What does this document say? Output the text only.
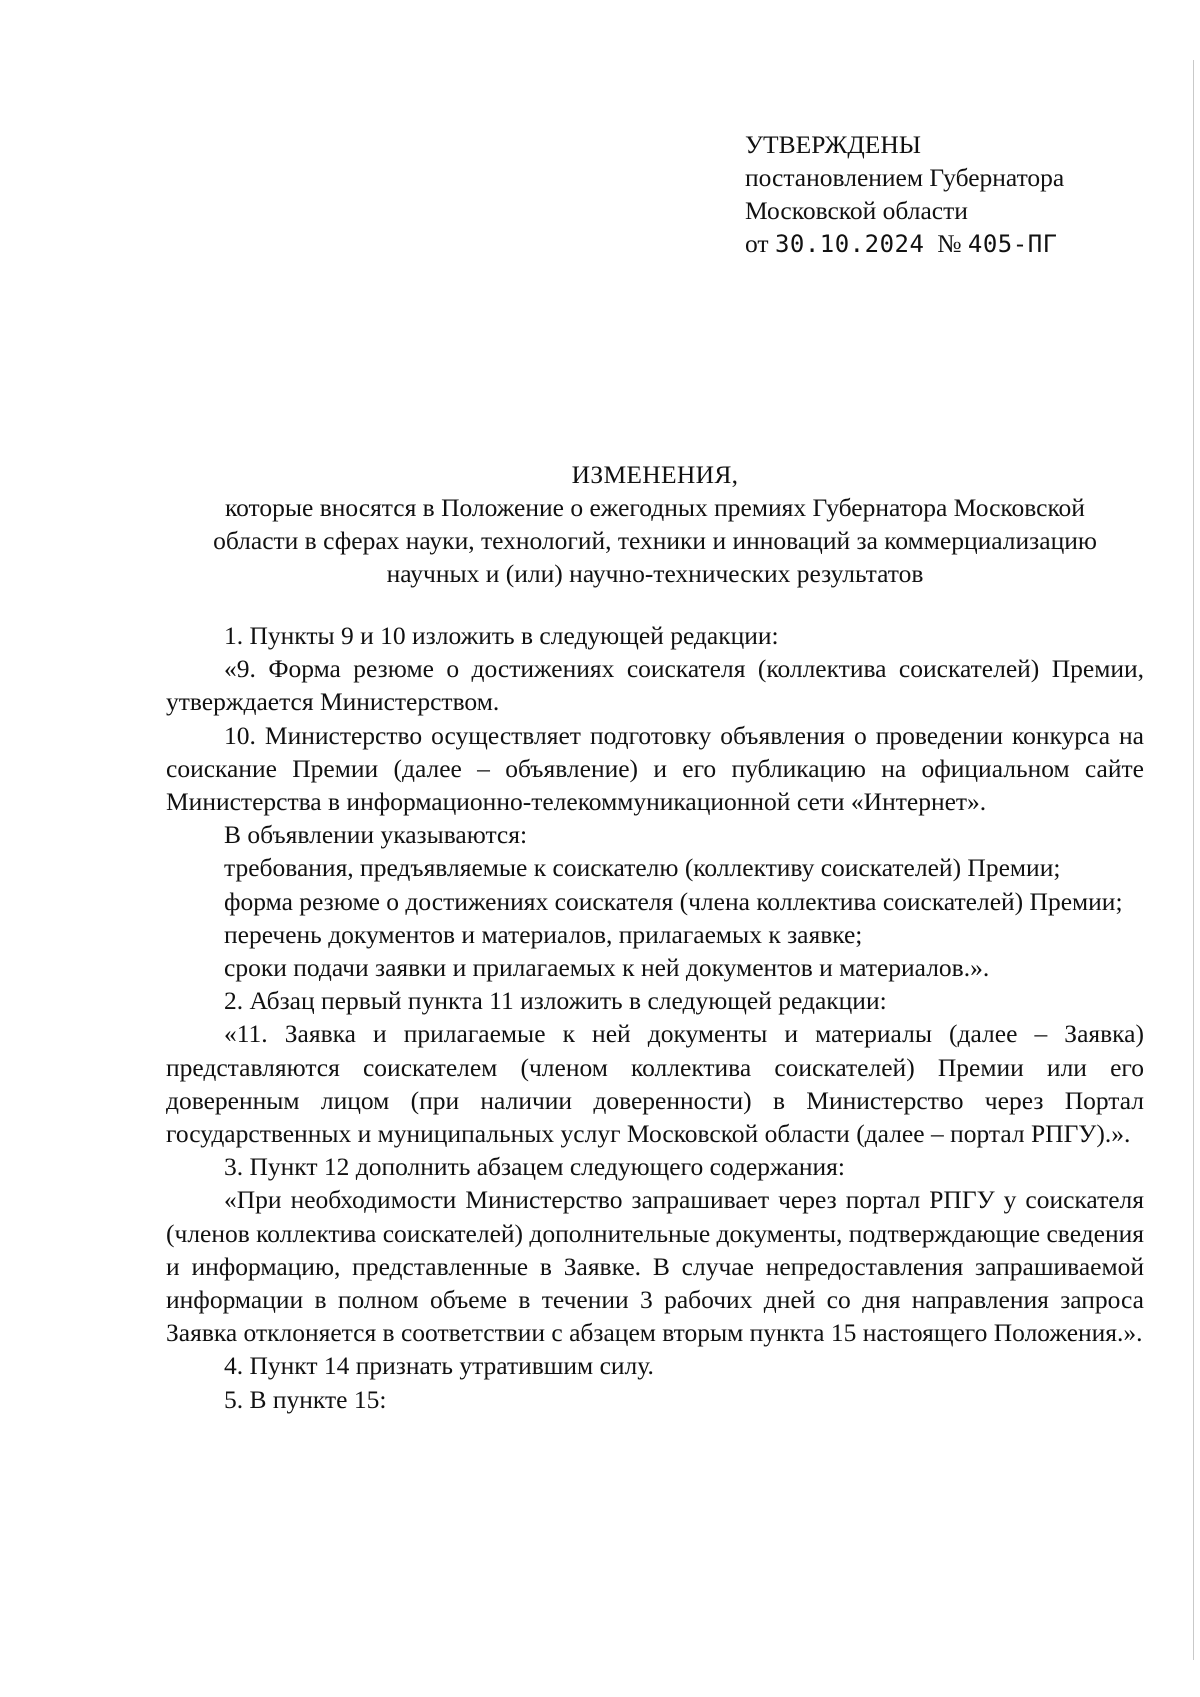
УТВЕРЖДЕНЫ
постановлением Губернатора
Московской области
от 30.10.2024 № 405-ПГ
ИЗМЕНЕНИЯ,
которые вносятся в Положение о ежегодных премиях Губернатора Московской
области в сферах науки, технологий, техники и инноваций за коммерциализацию
научных и (или) научно-технических результатов

1. Пункты 9 и 10 изложить в следующей редакции:

«9. Форма резюме о достижениях соискателя (коллектива соискателей) Премии, утверждается Министерством.

10. Министерство осуществляет подготовку объявления о проведении конкурса на соискание Премии (далее – объявление) и его публикацию на официальном сайте Министерства в информационно-телекоммуникационной сети «Интернет».

В объявлении указываются:

требования, предъявляемые к соискателю (коллективу соискателей) Премии;

форма резюме о достижениях соискателя (члена коллектива соискателей) Премии;

перечень документов и материалов, прилагаемых к заявке;

сроки подачи заявки и прилагаемых к ней документов и материалов.».

2. Абзац первый пункта 11 изложить в следующей редакции:

«11. Заявка и прилагаемые к ней документы и материалы (далее – Заявка) представляются соискателем (членом коллектива соискателей) Премии или его доверенным лицом (при наличии доверенности) в Министерство через Портал государственных и муниципальных услуг Московской области (далее – портал РПГУ).».

3. Пункт 12 дополнить абзацем следующего содержания:

«При необходимости Министерство запрашивает через портал РПГУ у соискателя (членов коллектива соискателей) дополнительные документы, подтверждающие сведения и информацию, представленные в Заявке. В случае непредоставления запрашиваемой информации в полном объеме в течении 3 рабочих дней со дня направления запроса Заявка отклоняется в соответствии с абзацем вторым пункта 15 настоящего Положения.».

4. Пункт 14 признать утратившим силу.

5. В пункте 15:
